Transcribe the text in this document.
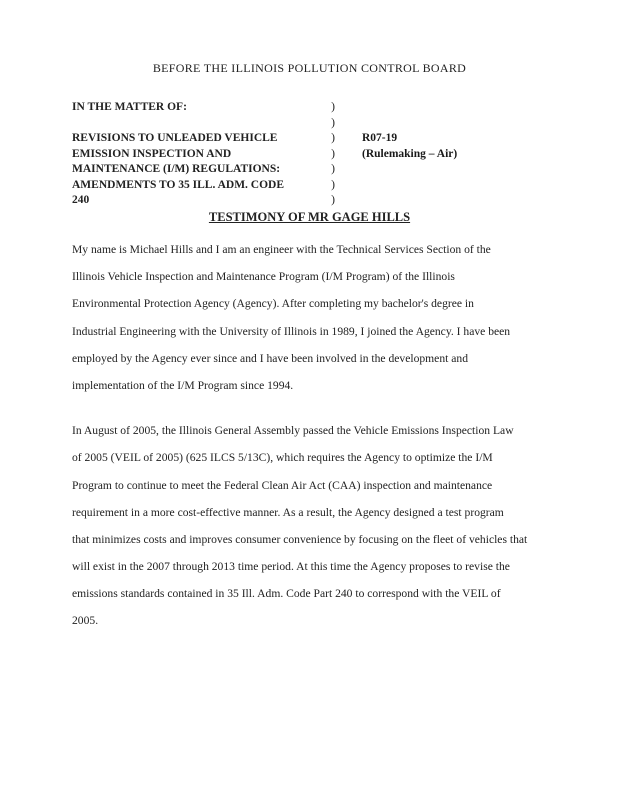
BEFORE THE ILLINOIS POLLUTION CONTROL BOARD
IN THE MATTER OF:
REVISIONS TO UNLEADED VEHICLE
EMISSION INSPECTION AND
MAINTENANCE (I/M) REGULATIONS:
AMENDMENTS TO 35 ILL. ADM. CODE
240
)
)
)
)
)
)
)
R07-19
(Rulemaking – Air)
TESTIMONY OF MR GAGE HILLS
My name is Michael Hills and I am an engineer with the Technical Services Section of the
Illinois Vehicle Inspection and Maintenance Program (I/M Program) of the Illinois
Environmental Protection Agency (Agency). After completing my bachelor's degree in
Industrial Engineering with the University of Illinois in 1989, I joined the Agency. I have been
employed by the Agency ever since and I have been involved in the development and
implementation of the I/M Program since 1994.
In August of 2005, the Illinois General Assembly passed the Vehicle Emissions Inspection Law
of 2005 (VEIL of 2005) (625 ILCS 5/13C), which requires the Agency to optimize the I/M
Program to continue to meet the Federal Clean Air Act (CAA) inspection and maintenance
requirement in a more cost-effective manner. As a result, the Agency designed a test program
that minimizes costs and improves consumer convenience by focusing on the fleet of vehicles that
will exist in the 2007 through 2013 time period. At this time the Agency proposes to revise the
emissions standards contained in 35 Ill. Adm. Code Part 240 to correspond with the VEIL of
2005.
